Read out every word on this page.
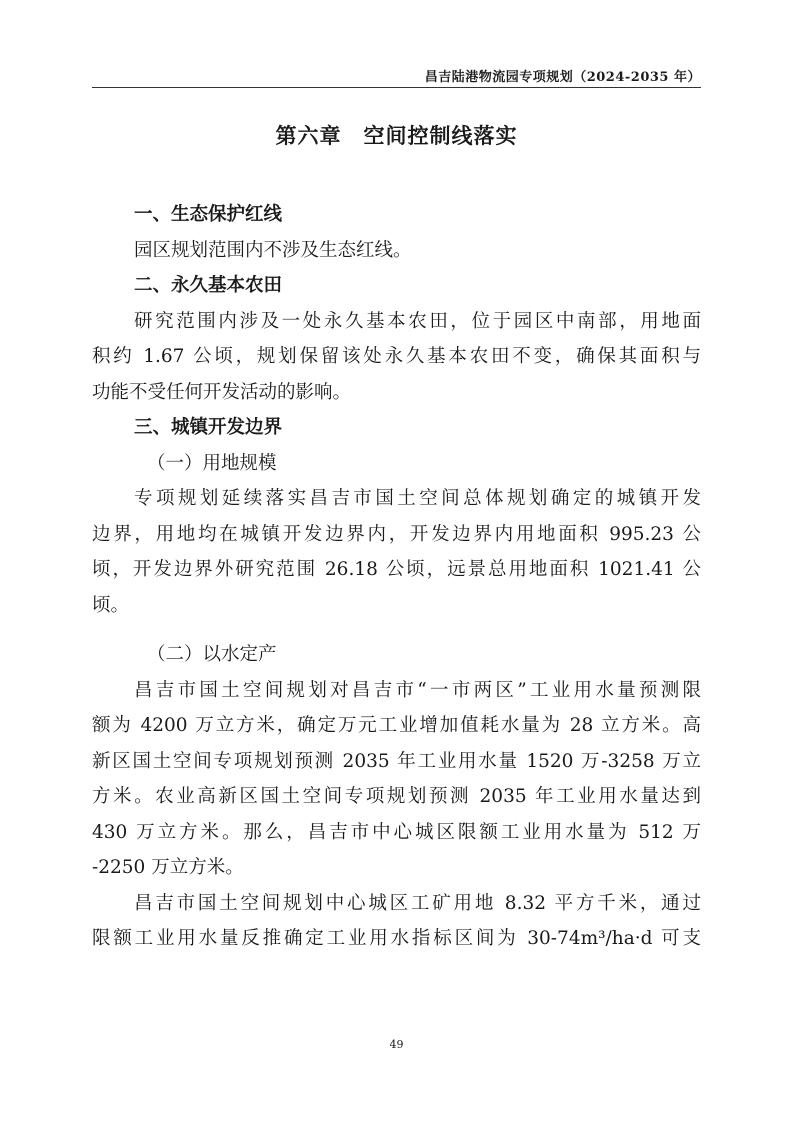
昌吉陆港物流园专项规划（2024-2035 年）
第六章　空间控制线落实
一、生态保护红线
园区规划范围内不涉及生态红线。
二、永久基本农田
研究范围内涉及一处永久基本农田，位于园区中南部，用地面
积约 1.67 公顷，规划保留该处永久基本农田不变，确保其面积与
功能不受任何开发活动的影响。
三、城镇开发边界
（一）用地规模
专项规划延续落实昌吉市国土空间总体规划确定的城镇开发
边界，用地均在城镇开发边界内，开发边界内用地面积 995.23 公
顷，开发边界外研究范围 26.18 公顷，远景总用地面积 1021.41 公
顷。
（二）以水定产
昌吉市国土空间规划对昌吉市“一市两区”工业用水量预测限
额为 4200 万立方米，确定万元工业增加值耗水量为 28 立方米。高
新区国土空间专项规划预测 2035 年工业用水量 1520 万-3258 万立
方米。农业高新区国土空间专项规划预测 2035 年工业用水量达到
430 万立方米。那么，昌吉市中心城区限额工业用水量为 512 万
-2250 万立方米。
昌吉市国土空间规划中心城区工矿用地 8.32 平方千米，通过
限额工业用水量反推确定工业用水指标区间为 30-74m³/ha·d 可支
49
